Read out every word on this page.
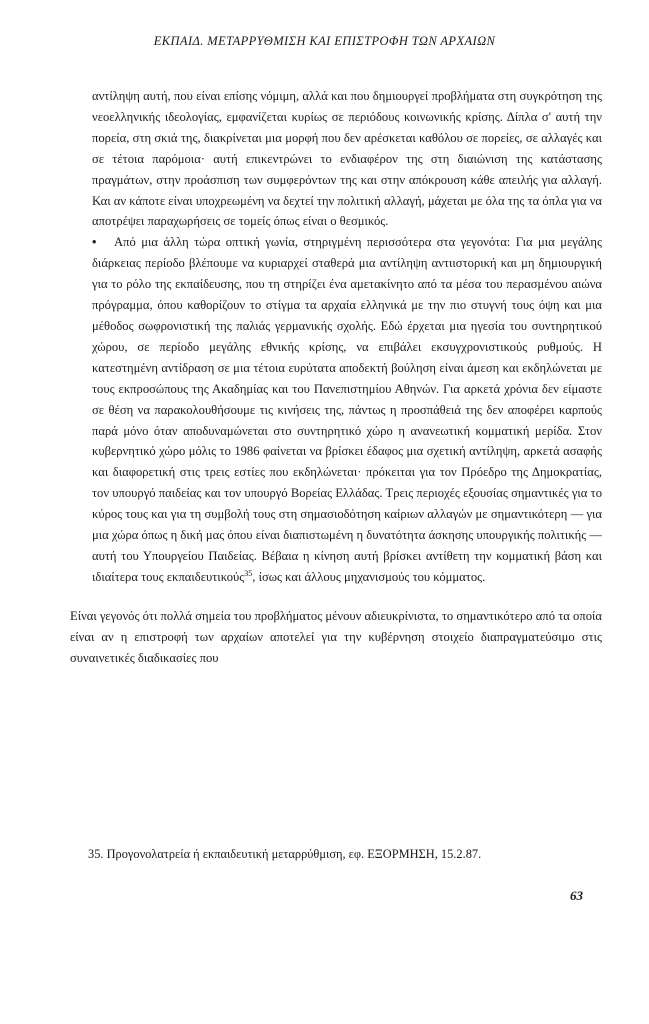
ΕΚΠΑΙΔ. ΜΕΤΑΡΡΥΘΜΙΣΗ ΚΑΙ ΕΠΙΣΤΡΟΦΗ ΤΩΝ ΑΡΧΑΙΩΝ

αντίληψη αυτή, που είναι επίσης νόμιμη, αλλά και που δημιουργεί προβλήματα στη συγκρότηση της νεοελληνικής ιδεολογίας, εμφανίζεται κυρίως σε περιόδους κοινωνικής κρίσης. Δίπλα σ' αυτή την πορεία, στη σκιά της, διακρίνεται μια μορφή που δεν αρέσκεται καθόλου σε πορείες, σε αλλαγές και σε τέτοια παρόμοια· αυτή επικεντρώνει το ενδιαφέρον της στη διαιώνιση της κατάστασης πραγμάτων, στην προάσπιση των συμφερόντων της και στην απόκρουση κάθε απειλής για αλλαγή. Και αν κάποτε είναι υποχρεωμένη να δεχτεί την πολιτική αλλαγή, μάχεται με όλα της τα όπλα για να αποτρέψει παραχωρήσεις σε τομείς όπως είναι ο θεσμικός.

• Από μια άλλη τώρα οπτική γωνία, στηριγμένη περισσότερα στα γεγονότα: Για μια μεγάλης διάρκειας περίοδο βλέπουμε να κυριαρχεί σταθερά μια αντίληψη αντιιστορική και μη δημιουργική για το ρόλο της εκπαίδευσης, που τη στηρίζει ένα αμετακίνητο από τα μέσα του περασμένου αιώνα πρόγραμμα, όπου καθορίζουν το στίγμα τα αρχαία ελληνικά με την πιο στυγνή τους όψη και μια μέθοδος σωφρονιστική της παλιάς γερμανικής σχολής. Εδώ έρχεται μια ηγεσία του συντηρητικού χώρου, σε περίοδο μεγάλης εθνικής κρίσης, να επιβάλει εκσυγχρονιστικούς ρυθμούς. Η κατεστημένη αντίδραση σε μια τέτοια ευρύτατα αποδεκτή βούληση είναι άμεση και εκδηλώνεται με τους εκπροσώπους της Ακαδημίας και του Πανεπιστημίου Αθηνών. Για αρκετά χρόνια δεν είμαστε σε θέση να παρακολουθήσουμε τις κινήσεις της, πάντως η προσπάθειά της δεν αποφέρει καρπούς παρά μόνο όταν αποδυναμώνεται στο συντηρητικό χώρο η ανανεωτική κομματική μερίδα. Στον κυβερνητικό χώρο μόλις το 1986 φαίνεται να βρίσκει έδαφος μια σχετική αντίληψη, αρκετά ασαφής και διαφορετική στις τρεις εστίες που εκδηλώνεται· πρόκειται για τον Πρόεδρο της Δημοκρατίας, τον υπουργό παιδείας και τον υπουργό Βορείας Ελλάδας. Τρεις περιοχές εξουσίας σημαντικές για το κύρος τους και για τη συμβολή τους στη σημασιοδότηση καίριων αλλαγών με σημαντικότερη — για μια χώρα όπως η δική μας όπου είναι διαπιστωμένη η δυνατότητα άσκησης υπουργικής πολιτικής — αυτή του Υπουργείου Παιδείας. Βέβαια η κίνηση αυτή βρίσκει αντίθετη την κομματική βάση και ιδιαίτερα τους εκπαιδευτικούς$^{35}$, ίσως και άλλους μηχανισμούς του κόμματος.

Είναι γεγονός ότι πολλά σημεία του προβλήματος μένουν αδιευκρίνιστα, το σημαντικότερο από τα οποία είναι αν η επιστροφή των αρχαίων αποτελεί για την κυβέρνηση στοιχείο διαπραγματεύσιμο στις συναινετικές διαδικασίες που

35. Προγονολατρεία ή εκπαιδευτική μεταρρύθμιση, εφ. ΕΞΟΡΜΗΣΗ, 15.2.87.
63
